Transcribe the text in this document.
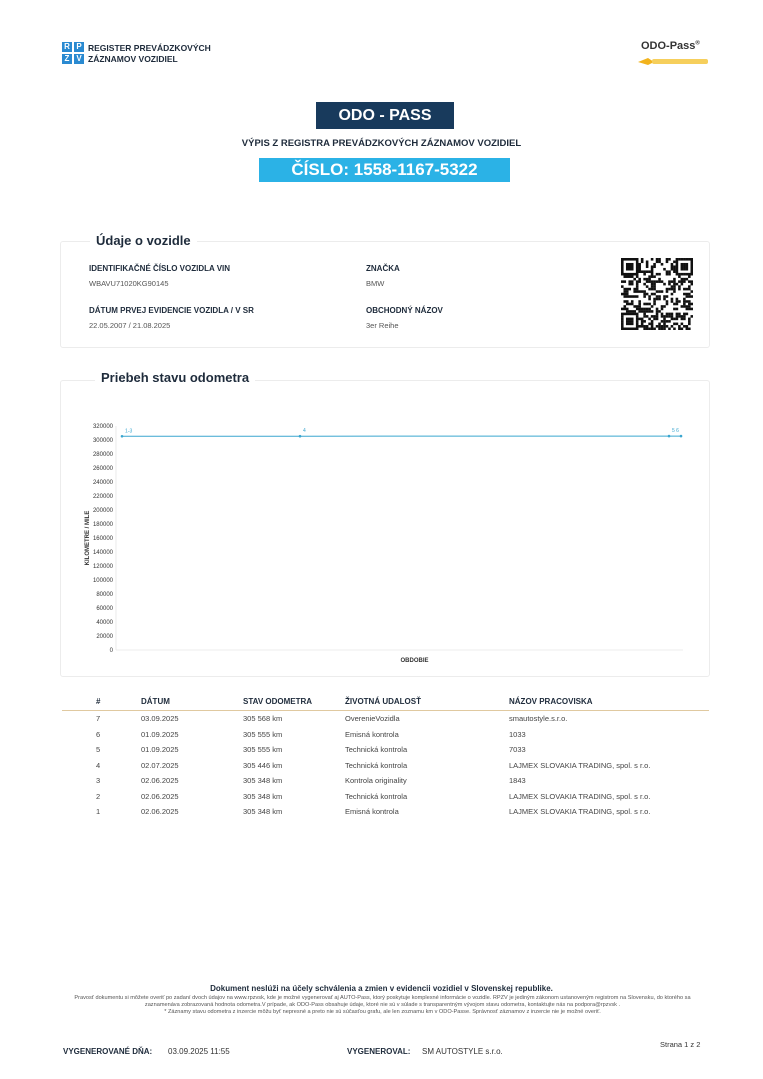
R P
Z V
REGISTER PREVÁDZKOVÝCH
ZÁZNAMOV VOZIDIEL
ODO-Pass®
ODO - PASS
VÝPIS Z REGISTRA PREVÁDZKOVÝCH ZÁZNAMOV VOZIDIEL
ČÍSLO: 1558-1167-5322
Údaje o vozidle
IDENTIFIKAČNÉ ČÍSLO VOZIDLA VIN
WBAVU71020KG90145
DÁTUM PRVEJ EVIDENCIE VOZIDLA / V SR
22.05.2007 / 21.08.2025
ZNAČKA
BMW
OBCHODNÝ NÁZOV
3er Reihe
Priebeh stavu odometra
0
20000
40000
60000
80000
100000
120000
140000
160000
180000
200000
220000
240000
260000
280000
300000
320000
KILOMETRE / MILE
OBDOBIE
1-3	4	5 6
#	DÁTUM	STAV ODOMETRA	ŽIVOTNÁ UDALOSŤ	NÁZOV PRACOVISKA
7	03.09.2025	305 568 km	OverenieVozidla	smautostyle.s.r.o.
6	01.09.2025	305 555 km	Emisná kontrola	1033
5	01.09.2025	305 555 km	Technická kontrola	7033
4	02.07.2025	305 446 km	Technická kontrola	LAJMEX SLOVAKIA TRADING, spol. s r.o.
3	02.06.2025	305 348 km	Kontrola originality	1843
2	02.06.2025	305 348 km	Technická kontrola	LAJMEX SLOVAKIA TRADING, spol. s r.o.
1	02.06.2025	305 348 km	Emisná kontrola	LAJMEX SLOVAKIA TRADING, spol. s r.o.
Dokument neslúži na účely schválenia a zmien v evidencii vozidiel v Slovenskej republike.
Pravosť dokumentu si môžete overiť po zadaní dvoch údajov na www.rpzvsk, kde je možné vygenerovať aj AUTO-Pass, ktorý poskytuje komplexné informácie o vozidle. RPZV je jediným zákonom ustanoveným registrom na Slovensku, do ktorého sa zaznamenáva zobrazovaná hodnota odometra.V prípade, ak ODO-Pass obsahuje údaje, ktoré nie sú v súlade s transparentným vývojom stavu odometra, kontaktujte nás na podpora@rpzvsk .
* Záznamy stavu odometra z inzercie môžu byť nepresné a preto nie sú súčasťou grafu, ale len zoznamu km v ODO-Passe. Správnosť záznamov z inzercie nie je možné overiť.
VYGENEROVANÉ DŇA: 03.09.2025 11:55	VYGENEROVAL: SM AUTOSTYLE s.r.o.
Strana 1 z 2
